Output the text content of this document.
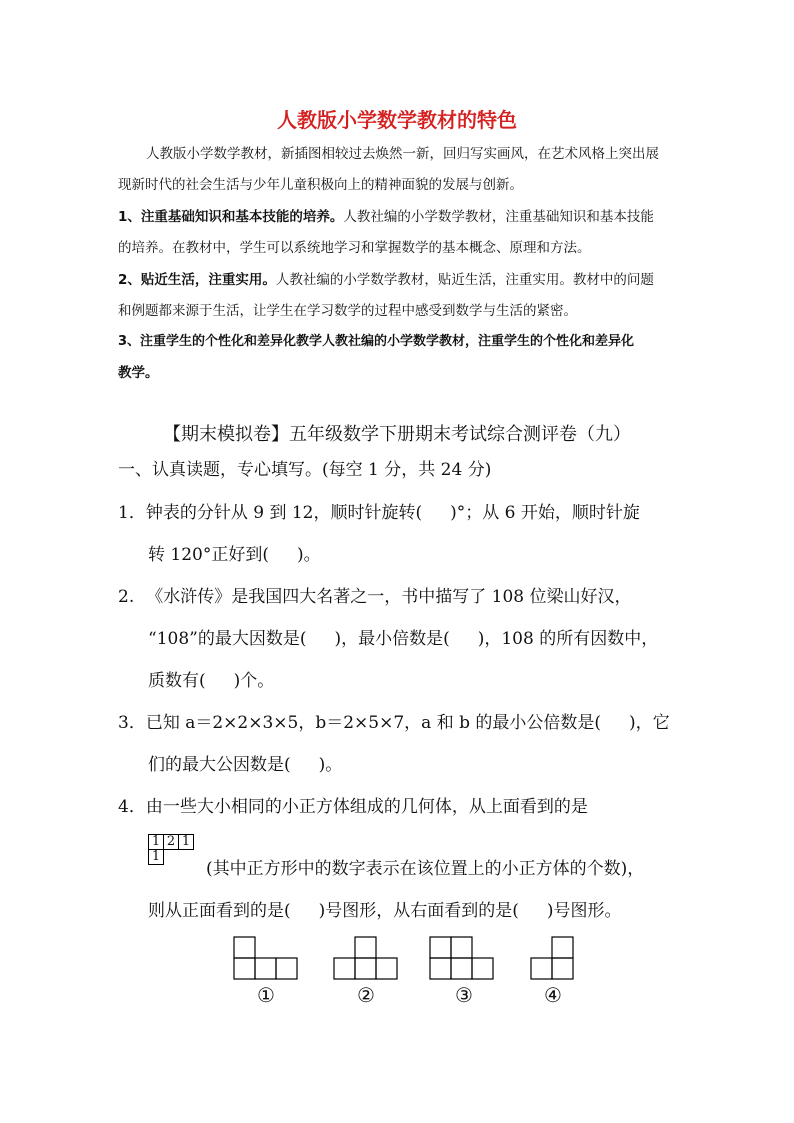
人教版小学数学教材的特色

人教版小学数学教材，新插图相较过去焕然一新，回归写实画风，在艺术风格上突出展

现新时代的社会生活与少年儿童积极向上的精神面貌的发展与创新。

1、注重基础知识和基本技能的培养。人教社编的小学数学教材，注重基础知识和基本技能

的培养。在教材中，学生可以系统地学习和掌握数学的基本概念、原理和方法。

2、贴近生活，注重实用。人教社编的小学数学教材，贴近生活，注重实用。教材中的问题

和例题都来源于生活，让学生在学习数学的过程中感受到数学与生活的紧密。

3、注重学生的个性化和差异化教学人教社编的小学数学教材，注重学生的个性化和差异化

教学。

【期末模拟卷】五年级数学下册期末考试综合测评卷（九）

一、认真读题，专心填写。(每空 1 分，共 24 分)

1．钟表的分针从 9 到 12，顺时针旋转( )°；从 6 开始，顺时针旋

转 120°正好到( )。

2. 《水浒传》是我国四大名著之一，书中描写了 108 位梁山好汉，

“108”的最大因数是( )，最小倍数是( )，108 的所有因数中，

质数有( )个。

3．已知 a＝2×2×3×5，b＝2×5×7，a 和 b 的最小公倍数是( )，它

们的最大公因数是( )。

4．由一些大小相同的小正方体组成的几何体，从上面看到的是

1	2	1
1		

(其中正方形中的数字表示在该位置上的小正方体的个数)，

则从正面看到的是( )号图形，从右面看到的是( )号图形。

①	②	③	④
